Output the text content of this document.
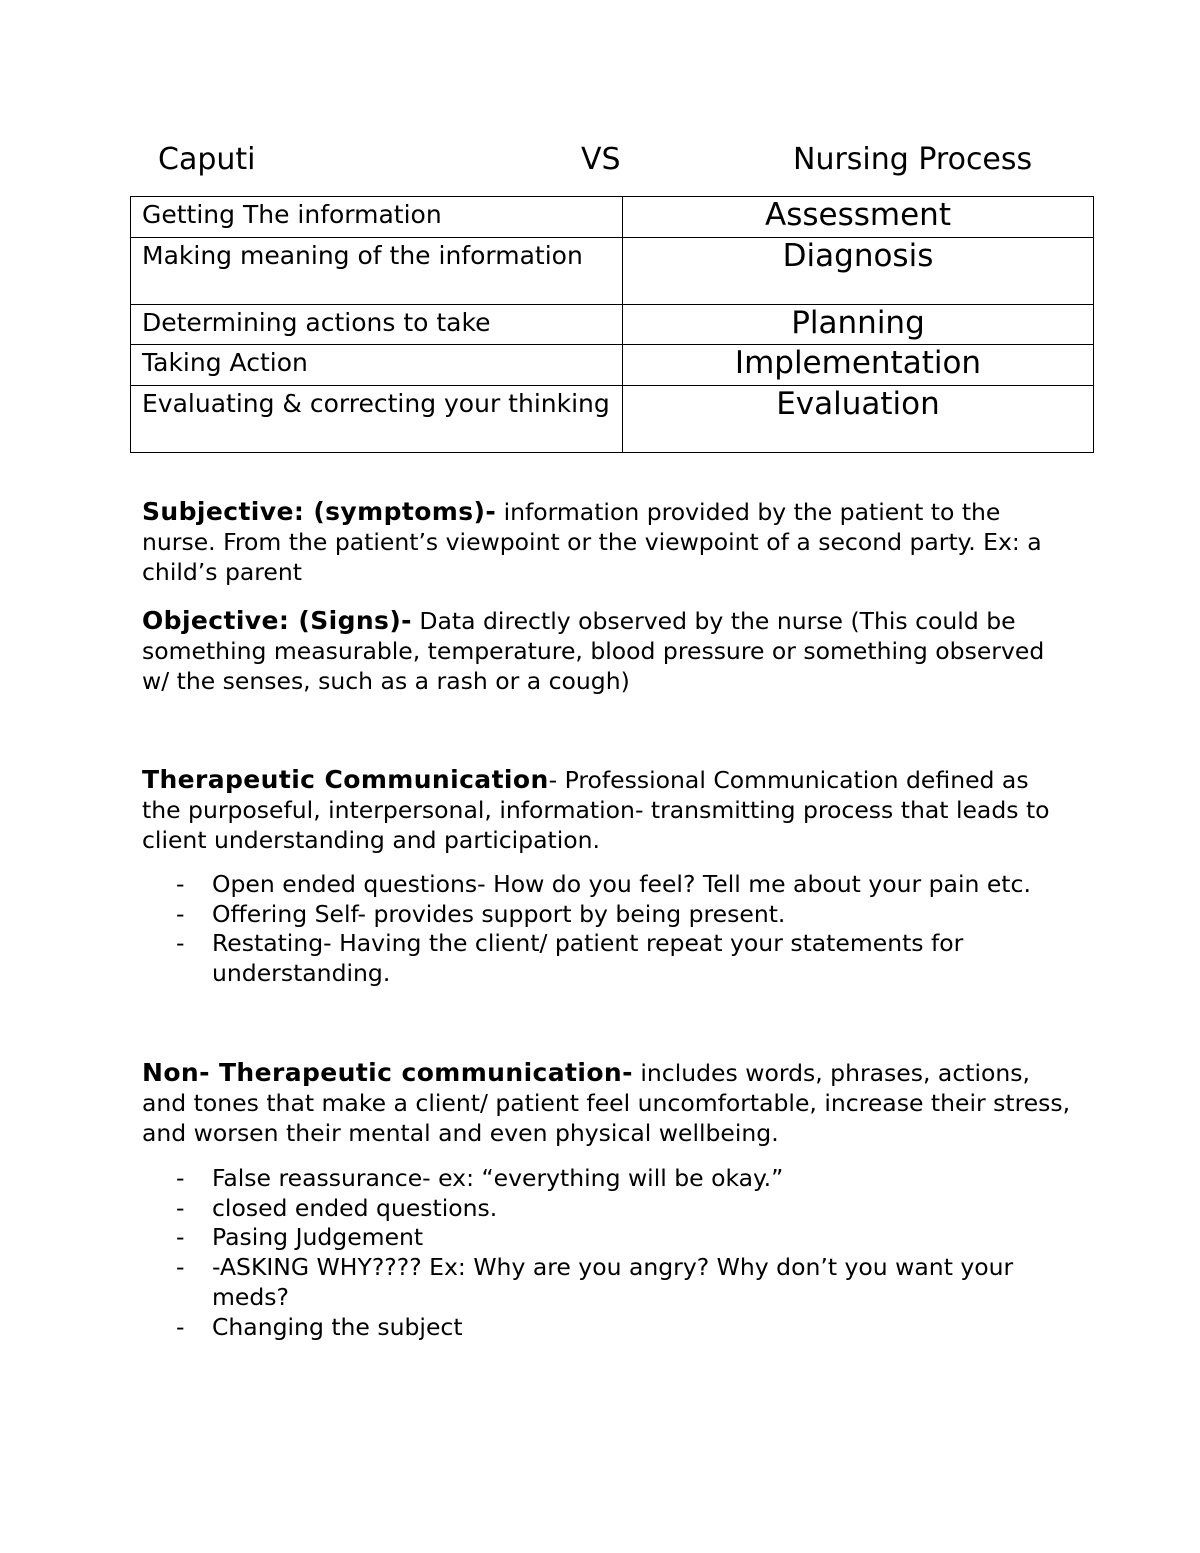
Caputi	VS	Nursing Process
Getting The information	Assessment
Making meaning of the information	Diagnosis
Determining actions to take	Planning
Taking Action	Implementation
Evaluating & correcting your thinking	Evaluation

Subjective: (symptoms)- information provided by the patient to the nurse. From the patient’s viewpoint or the viewpoint of a second party. Ex: a child’s parent

Objective: (Signs)- Data directly observed by the nurse (This could be something measurable, temperature, blood pressure or something observed w/ the senses, such as a rash or a cough)

Therapeutic Communication- Professional Communication defined as the purposeful, interpersonal, information- transmitting process that leads to client understanding and participation.

- Open ended questions- How do you feel? Tell me about your pain etc.
- Offering Self- provides support by being present.
- Restating- Having the client/ patient repeat your statements for understanding.

Non- Therapeutic communication- includes words, phrases, actions, and tones that make a client/ patient feel uncomfortable, increase their stress, and worsen their mental and even physical wellbeing.

- False reassurance- ex: “everything will be okay.”
- closed ended questions.
- Pasing Judgement
- -ASKING WHY???? Ex: Why are you angry? Why don’t you want your meds?
- Changing the subject
